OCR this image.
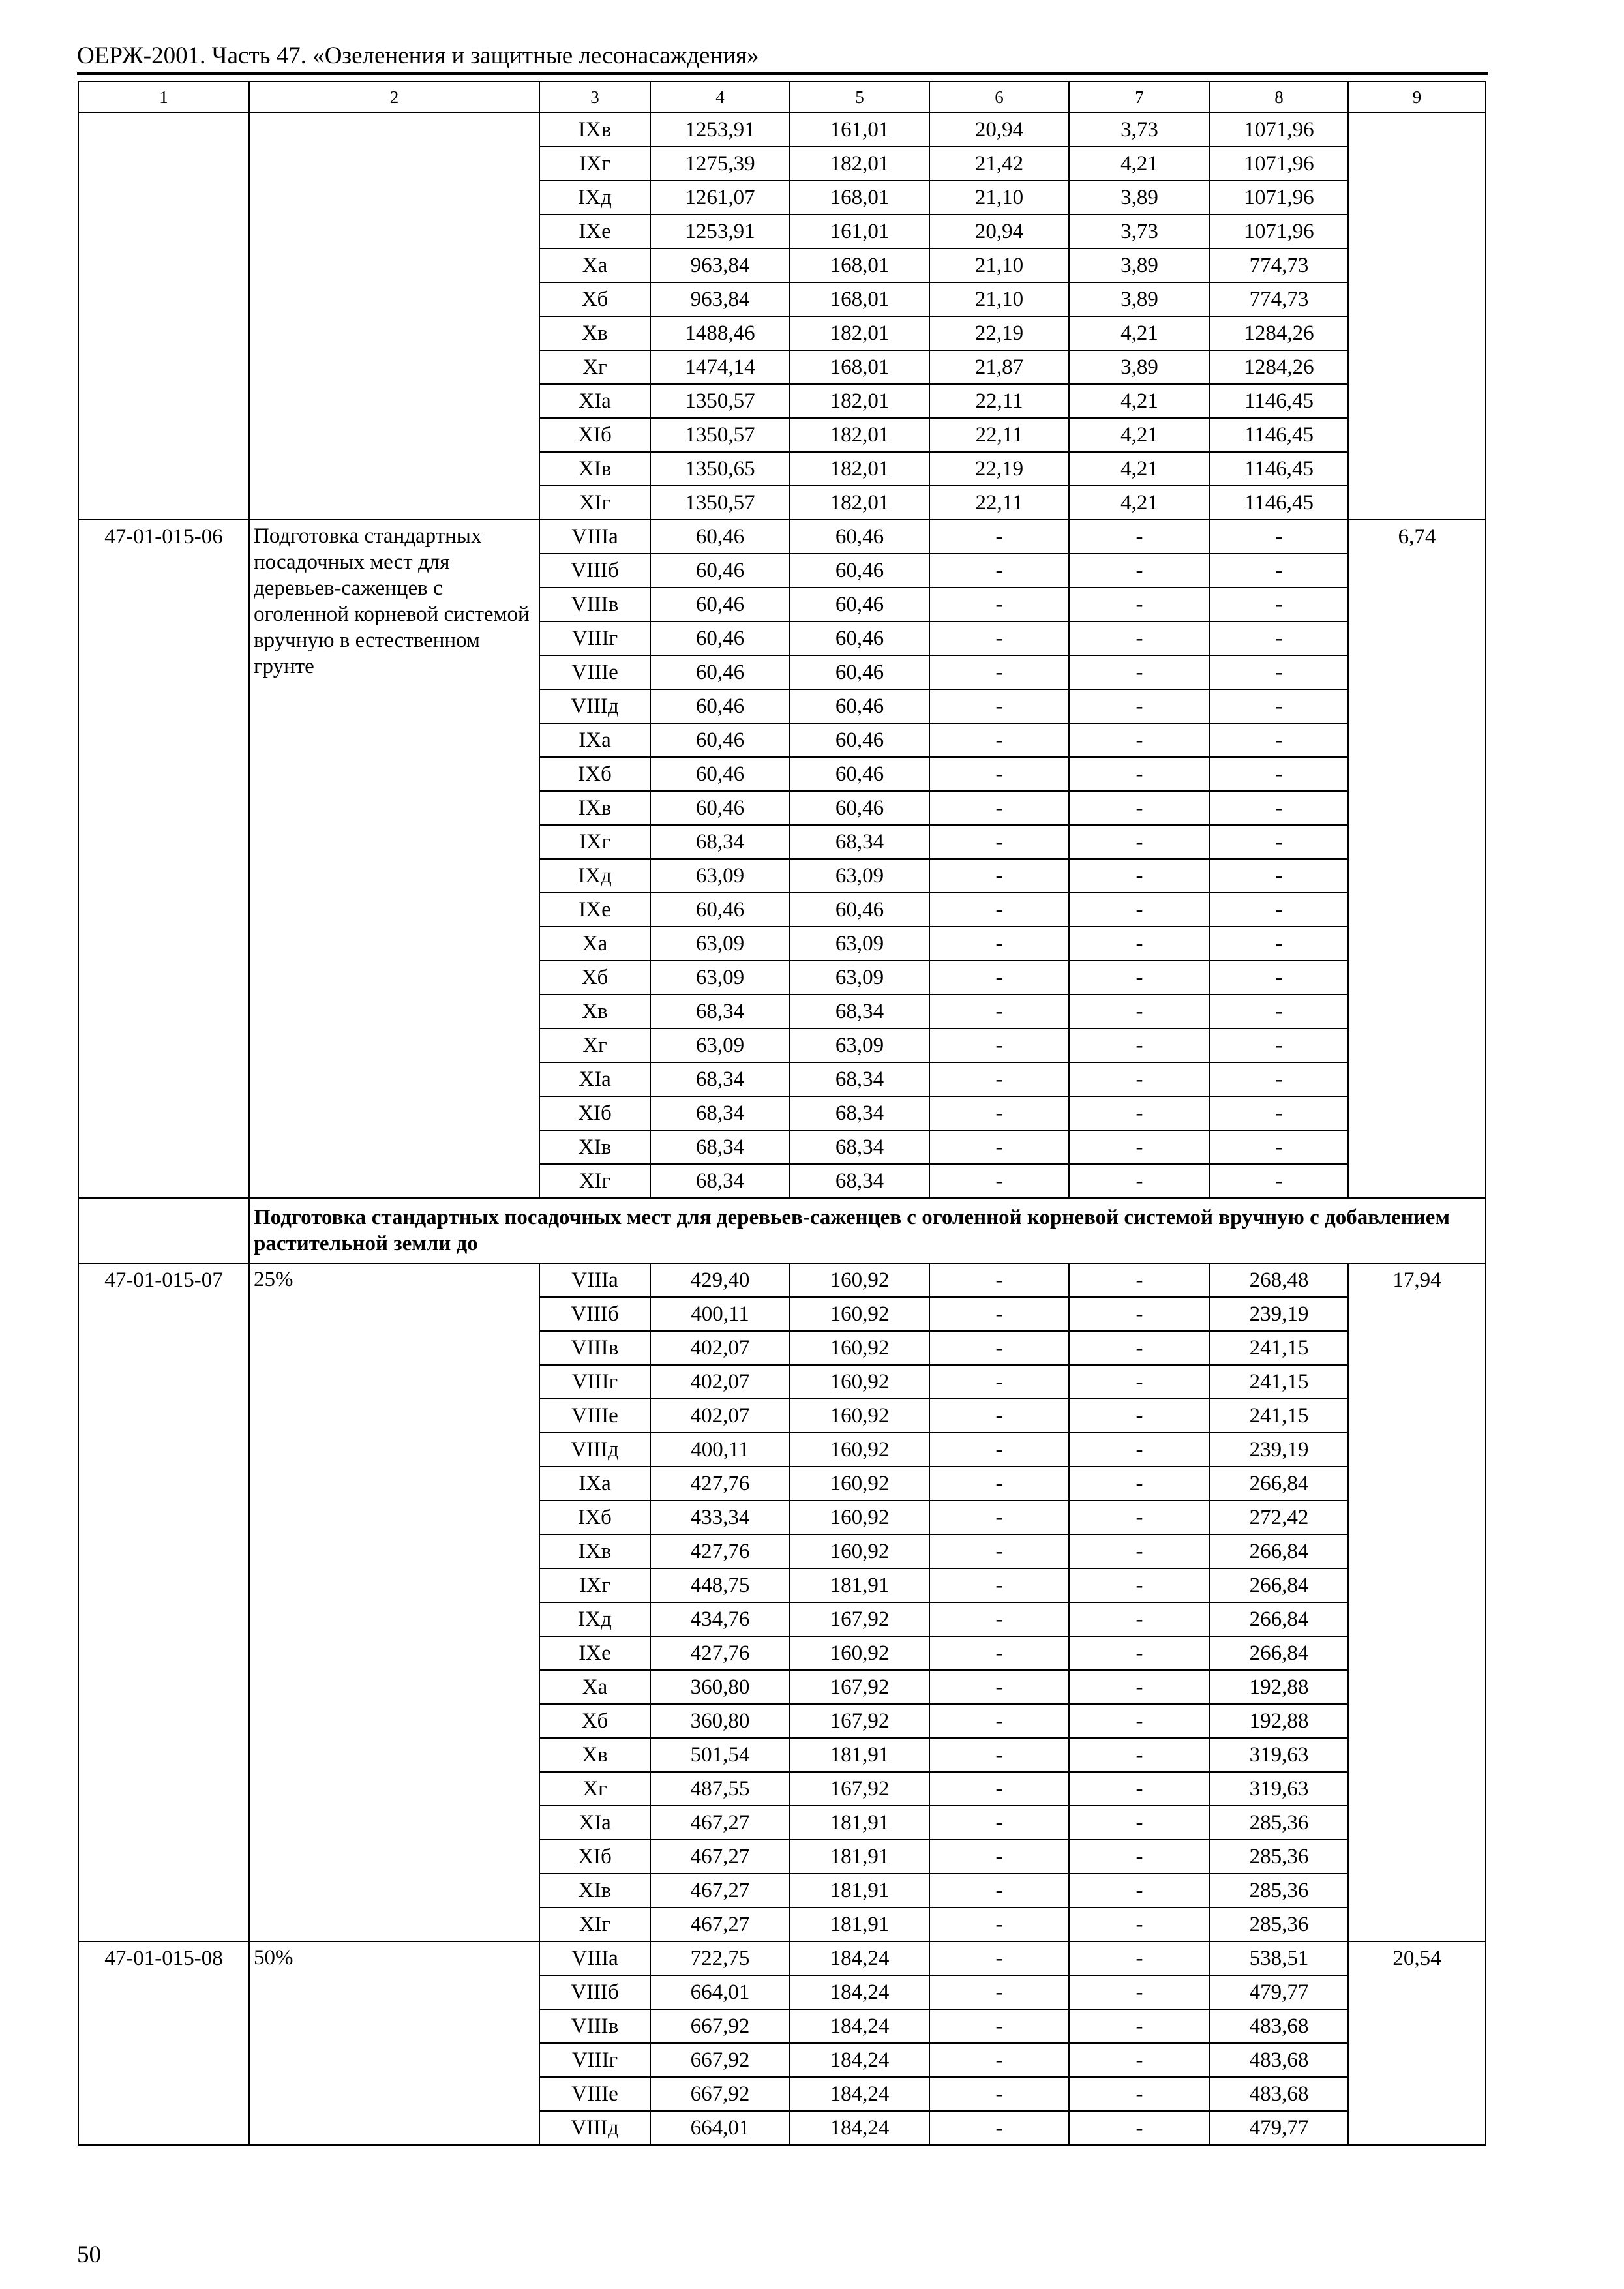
ОЕРЖ-2001. Часть 47. «Озеленения и защитные лесонасаждения»
1	2	3	4	5	6	7	8	9
		IXв	1253,91	161,01	20,94	3,73	1071,96	
		IXг	1275,39	182,01	21,42	4,21	1071,96	
		IXд	1261,07	168,01	21,10	3,89	1071,96	
		IXе	1253,91	161,01	20,94	3,73	1071,96	
		Xa	963,84	168,01	21,10	3,89	774,73	
		Xб	963,84	168,01	21,10	3,89	774,73	
		Xв	1488,46	182,01	22,19	4,21	1284,26	
		Xг	1474,14	168,01	21,87	3,89	1284,26	
		XIa	1350,57	182,01	22,11	4,21	1146,45	
		XIб	1350,57	182,01	22,11	4,21	1146,45	
		XIв	1350,65	182,01	22,19	4,21	1146,45	
		XIг	1350,57	182,01	22,11	4,21	1146,45	
47-01-015-06	Подготовка стандартных посадочных мест для деревьев-саженцев с оголенной корневой системой вручную в естественном грунте	VIIIa	60,46	60,46	-	-	-	6,74
		VIIIб	60,46	60,46	-	-	-	
		VIIIв	60,46	60,46	-	-	-	
		VIIIг	60,46	60,46	-	-	-	
		VIIIе	60,46	60,46	-	-	-	
		VIIIд	60,46	60,46	-	-	-	
		IXa	60,46	60,46	-	-	-	
		IXб	60,46	60,46	-	-	-	
		IXв	60,46	60,46	-	-	-	
		IXг	68,34	68,34	-	-	-	
		IXд	63,09	63,09	-	-	-	
		IXе	60,46	60,46	-	-	-	
		Xa	63,09	63,09	-	-	-	
		Xб	63,09	63,09	-	-	-	
		Xв	68,34	68,34	-	-	-	
		Xг	63,09	63,09	-	-	-	
		XIa	68,34	68,34	-	-	-	
		XIб	68,34	68,34	-	-	-	
		XIв	68,34	68,34	-	-	-	
		XIг	68,34	68,34	-	-	-	
	Подготовка стандартных посадочных мест для деревьев-саженцев с оголенной корневой системой вручную с добавлением растительной земли до							
47-01-015-07	25%	VIIIa	429,40	160,92	-	-	268,48	17,94
		VIIIб	400,11	160,92	-	-	239,19	
		VIIIв	402,07	160,92	-	-	241,15	
		VIIIг	402,07	160,92	-	-	241,15	
		VIIIе	402,07	160,92	-	-	241,15	
		VIIIд	400,11	160,92	-	-	239,19	
		IXa	427,76	160,92	-	-	266,84	
		IXб	433,34	160,92	-	-	272,42	
		IXв	427,76	160,92	-	-	266,84	
		IXг	448,75	181,91	-	-	266,84	
		IXд	434,76	167,92	-	-	266,84	
		IXе	427,76	160,92	-	-	266,84	
		Xa	360,80	167,92	-	-	192,88	
		Xб	360,80	167,92	-	-	192,88	
		Xв	501,54	181,91	-	-	319,63	
		Xг	487,55	167,92	-	-	319,63	
		XIa	467,27	181,91	-	-	285,36	
		XIб	467,27	181,91	-	-	285,36	
		XIв	467,27	181,91	-	-	285,36	
		XIг	467,27	181,91	-	-	285,36	
47-01-015-08	50%	VIIIa	722,75	184,24	-	-	538,51	20,54
		VIIIб	664,01	184,24	-	-	479,77	
		VIIIв	667,92	184,24	-	-	483,68	
		VIIIг	667,92	184,24	-	-	483,68	
		VIIIе	667,92	184,24	-	-	483,68	
		VIIIд	664,01	184,24	-	-	479,77	
50
